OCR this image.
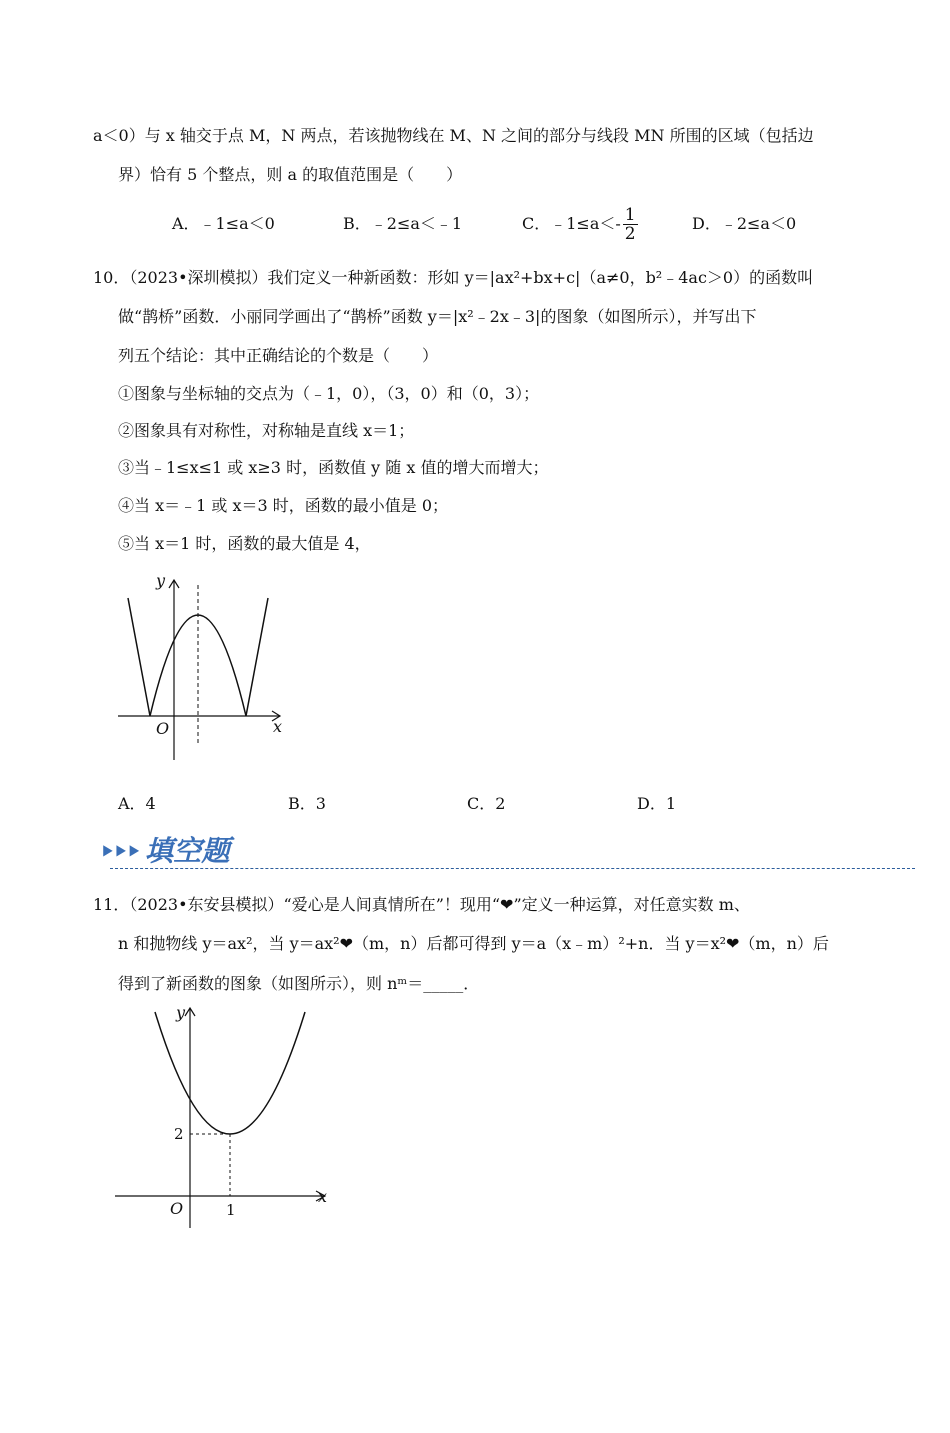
a＜0）与 x 轴交于点 M，N 两点，若该抛物线在 M、N 之间的部分与线段 MN 所围的区域（包括边
界）恰有 5 个整点，则 a 的取值范围是（　　）
A．﹣1≤a＜0	B．﹣2≤a＜﹣1	C．﹣1≤a＜- $\frac{1}{2}$	D．﹣2≤a＜0
10．（2023•深圳模拟）我们定义一种新函数：形如 y＝|ax²+bx+c|（a≠0，b²﹣4ac＞0）的函数叫
做“鹊桥”函数．小丽同学画出了“鹊桥”函数 y＝|x²﹣2x﹣3|的图象（如图所示），并写出下
列五个结论：其中正确结论的个数是（　　）
①图象与坐标轴的交点为（﹣1，0），（3，0）和（0，3）；
②图象具有对称性，对称轴是直线 x＝1；
③当﹣1≤x≤1 或 x≥3 时，函数值 y 随 x 值的增大而增大；
④当 x＝﹣1 或 x＝3 时，函数的最小值是 0；
⑤当 x＝1 时，函数的最大值是 4，
y
x
O
A．4	B．3	C．2	D．1
填空题
11．（2023•东安县模拟）“爱心是人间真情所在”！现用“❤”定义一种运算，对任意实数 m、
n 和抛物线 y＝ax²，当 y＝ax²❤（m，n）后都可得到 y＝a（x﹣m）²+n．当 y＝x²❤（m，n）后
得到了新函数的图象（如图所示），则 nᵐ＝_____．
y
x
O
2
1
